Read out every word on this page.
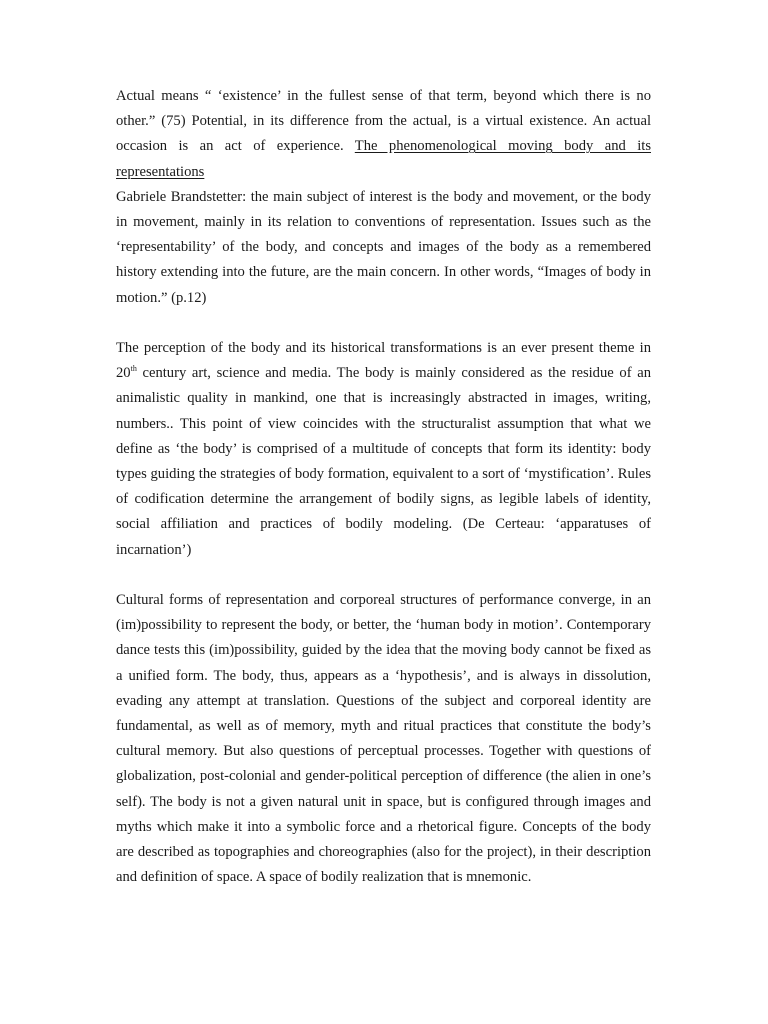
Actual means “ ‘existence’ in the fullest sense of that term, beyond which there is no other.” (75) Potential, in its difference from the actual, is a virtual existence. An actual occasion is an act of experience. The phenomenological moving body and its representations

Gabriele Brandstetter: the main subject of interest is the body and movement, or the body in movement, mainly in its relation to conventions of representation. Issues such as the ‘representability’ of the body, and concepts and images of the body as a remembered history extending into the future, are the main concern. In other words, “Images of body in motion.” (p.12)

The perception of the body and its historical transformations is an ever present theme in 20th century art, science and media. The body is mainly considered as the residue of an animalistic quality in mankind, one that is increasingly abstracted in images, writing, numbers.. This point of view coincides with the structuralist assumption that what we define as ‘the body’ is comprised of a multitude of concepts that form its identity: body types guiding the strategies of body formation, equivalent to a sort of ‘mystification’. Rules of codification determine the arrangement of bodily signs, as legible labels of identity, social affiliation and practices of bodily modeling. (De Certeau: ‘apparatuses of incarnation’)

Cultural forms of representation and corporeal structures of performance converge, in an (im)possibility to represent the body, or better, the ‘human body in motion’. Contemporary dance tests this (im)possibility, guided by the idea that the moving body cannot be fixed as a unified form. The body, thus, appears as a ‘hypothesis’, and is always in dissolution, evading any attempt at translation. Questions of the subject and corporeal identity are fundamental, as well as of memory, myth and ritual practices that constitute the body’s cultural memory. But also questions of perceptual processes. Together with questions of globalization, post-colonial and gender-political perception of difference (the alien in one’s self). The body is not a given natural unit in space, but is configured through images and myths which make it into a symbolic force and a rhetorical figure. Concepts of the body are described as topographies and choreographies (also for the project), in their description and definition of space. A space of bodily realization that is mnemonic.
